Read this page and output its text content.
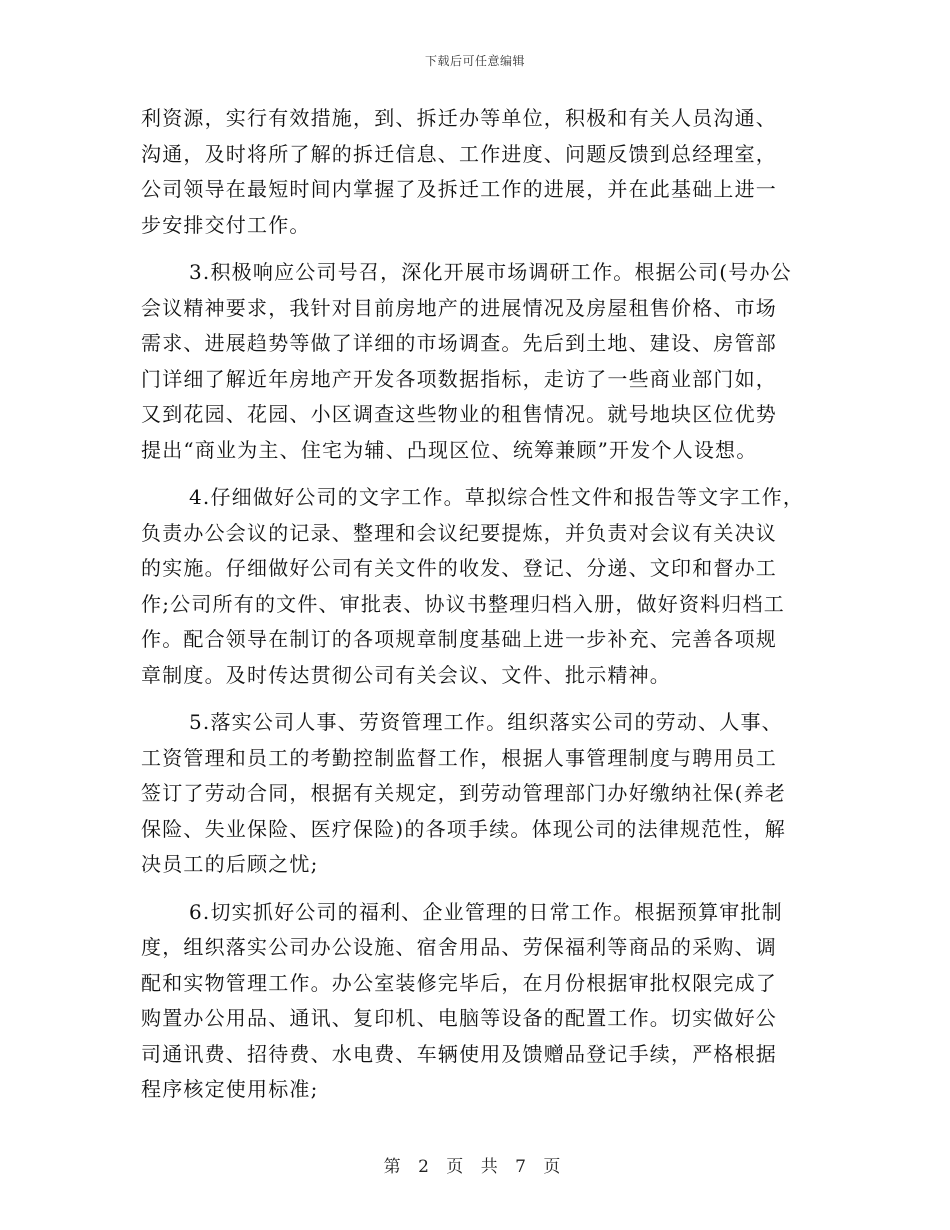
下载后可任意编辑
利资源，实行有效措施，到、拆迁办等单位，积极和有关人员沟通、
沟通，及时将所了解的拆迁信息、工作进度、问题反馈到总经理室，
公司领导在最短时间内掌握了及拆迁工作的进展，并在此基础上进一
步安排交付工作。
3.积极响应公司号召，深化开展市场调研工作。根据公司(号办公
会议精神要求，我针对目前房地产的进展情况及房屋租售价格、市场
需求、进展趋势等做了详细的市场调查。先后到土地、建设、房管部
门详细了解近年房地产开发各项数据指标，走访了一些商业部门如，
又到花园、花园、小区调查这些物业的租售情况。就号地块区位优势
提出“商业为主、住宅为辅、凸现区位、统筹兼顾”开发个人设想。
4.仔细做好公司的文字工作。草拟综合性文件和报告等文字工作，
负责办公会议的记录、整理和会议纪要提炼，并负责对会议有关决议
的实施。仔细做好公司有关文件的收发、登记、分递、文印和督办工
作;公司所有的文件、审批表、协议书整理归档入册，做好资料归档工
作。配合领导在制订的各项规章制度基础上进一步补充、完善各项规
章制度。及时传达贯彻公司有关会议、文件、批示精神。
5.落实公司人事、劳资管理工作。组织落实公司的劳动、人事、
工资管理和员工的考勤控制监督工作，根据人事管理制度与聘用员工
签订了劳动合同，根据有关规定，到劳动管理部门办好缴纳社保(养老
保险、失业保险、医疗保险)的各项手续。体现公司的法律规范性，解
决员工的后顾之忧;
6.切实抓好公司的福利、企业管理的日常工作。根据预算审批制
度，组织落实公司办公设施、宿舍用品、劳保福利等商品的采购、调
配和实物管理工作。办公室装修完毕后，在月份根据审批权限完成了
购置办公用品、通讯、复印机、电脑等设备的配置工作。切实做好公
司通讯费、招待费、水电费、车辆使用及馈赠品登记手续，严格根据
程序核定使用标准;
第 2 页 共 7 页
